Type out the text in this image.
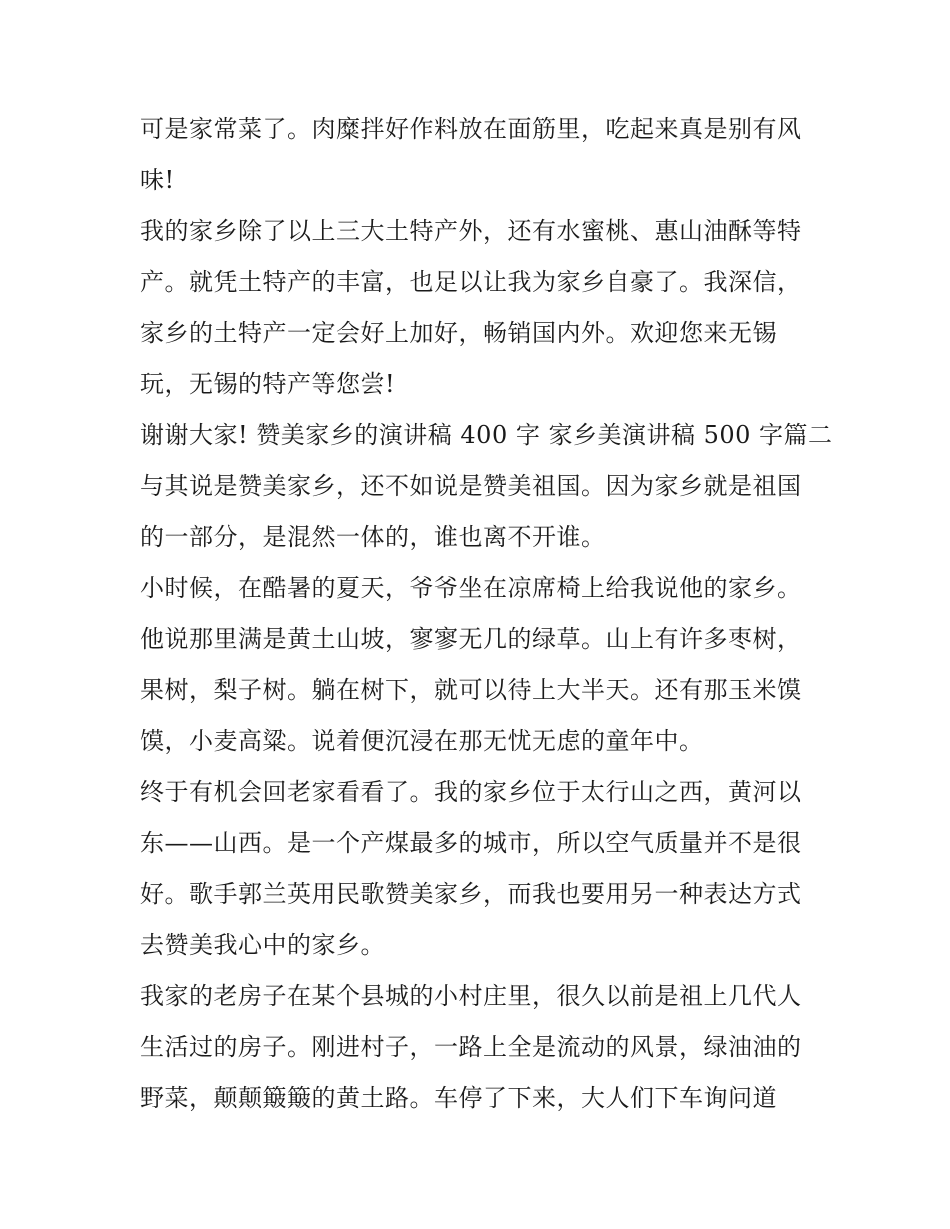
可是家常菜了。肉糜拌好作料放在面筋里，吃起来真是别有风
味!
我的家乡除了以上三大土特产外，还有水蜜桃、惠山油酥等特
产。就凭土特产的丰富，也足以让我为家乡自豪了。我深信，
家乡的土特产一定会好上加好，畅销国内外。欢迎您来无锡
玩，无锡的特产等您尝!
谢谢大家! 赞美家乡的演讲稿 400 字 家乡美演讲稿 500 字篇二
与其说是赞美家乡，还不如说是赞美祖国。因为家乡就是祖国
的一部分，是混然一体的，谁也离不开谁。
小时候，在酷暑的夏天，爷爷坐在凉席椅上给我说他的家乡。
他说那里满是黄土山坡，寥寥无几的绿草。山上有许多枣树，
果树，梨子树。躺在树下，就可以待上大半天。还有那玉米馍
馍，小麦高粱。说着便沉浸在那无忧无虑的童年中。
终于有机会回老家看看了。我的家乡位于太行山之西，黄河以
东——山西。是一个产煤最多的城市，所以空气质量并不是很
好。歌手郭兰英用民歌赞美家乡，而我也要用另一种表达方式
去赞美我心中的家乡。
我家的老房子在某个县城的小村庄里，很久以前是祖上几代人
生活过的房子。刚进村子，一路上全是流动的风景，绿油油的
野菜，颠颠簸簸的黄土路。车停了下来，大人们下车询问道
